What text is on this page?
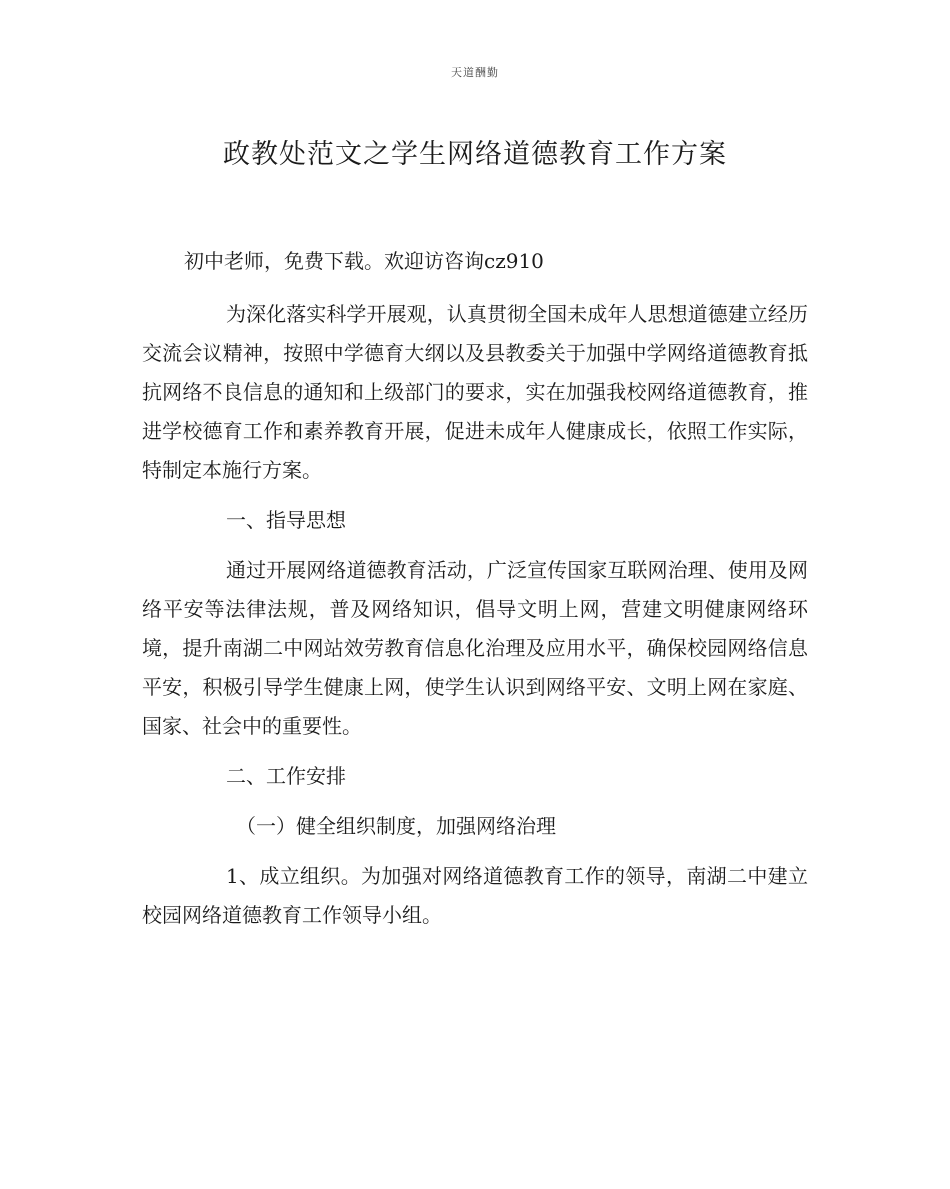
天道酬勤
政教处范文之学生网络道德教育工作方案

初中老师，免费下载。欢迎访咨询cz910

为深化落实科学开展观，认真贯彻全国未成年人思想道德建立经历交流会议精神，按照中学德育大纲以及县教委关于加强中学网络道德教育抵抗网络不良信息的通知和上级部门的要求，实在加强我校网络道德教育，推进学校德育工作和素养教育开展，促进未成年人健康成长，依照工作实际，特制定本施行方案。

一、指导思想

通过开展网络道德教育活动，广泛宣传国家互联网治理、使用及网络平安等法律法规，普及网络知识，倡导文明上网，营建文明健康网络环境，提升南湖二中网站效劳教育信息化治理及应用水平，确保校园网络信息平安，积极引导学生健康上网，使学生认识到网络平安、文明上网在家庭、国家、社会中的重要性。

二、工作安排

（一）健全组织制度，加强网络治理

1、成立组织。为加强对网络道德教育工作的领导，南湖二中建立校园网络道德教育工作领导小组。
